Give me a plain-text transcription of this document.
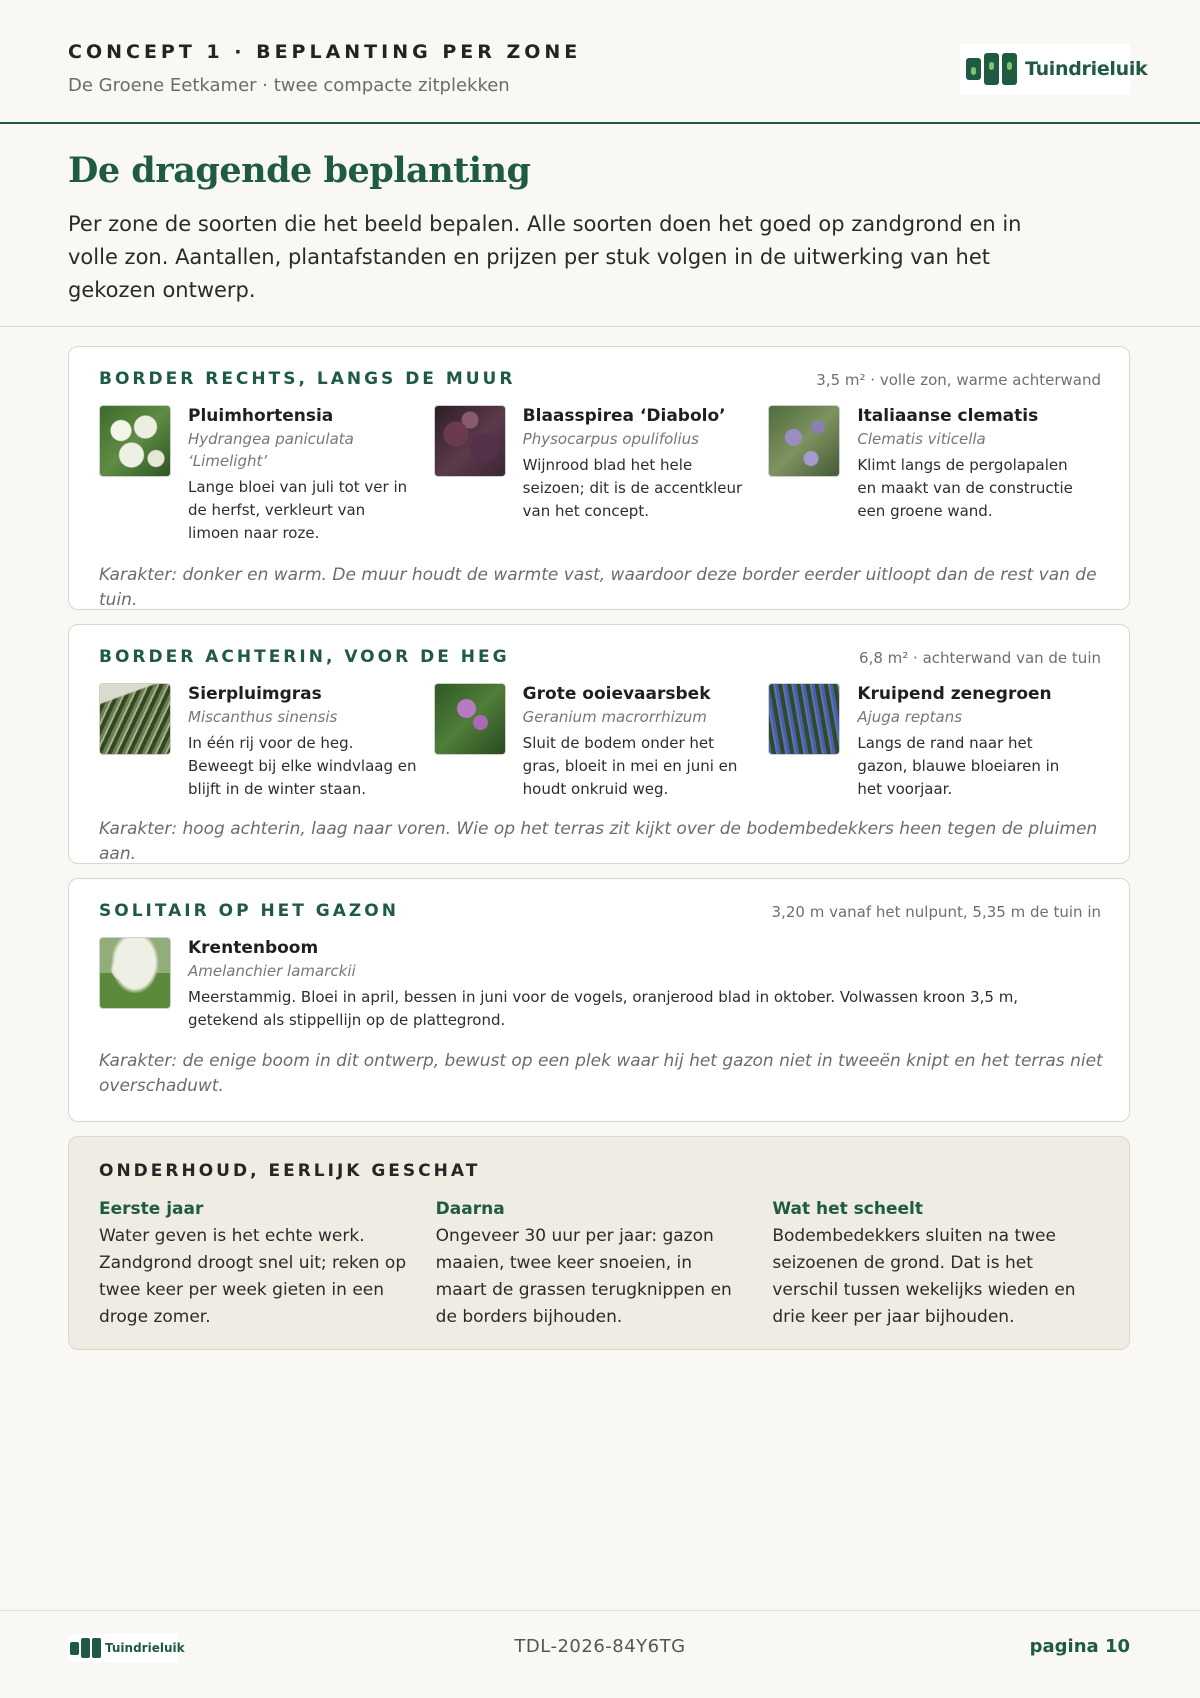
CONCEPT 1 · BEPLANTING PER ZONE
De Groene Eetkamer · twee compacte zitplekken
Tuindrieluik
De dragende beplanting

Per zone de soorten die het beeld bepalen. Alle soorten doen het goed op zandgrond en in volle zon. Aantallen, plantafstanden en prijzen per stuk volgen in de uitwerking van het gekozen ontwerp.

BORDER RECHTS, LANGS DE MUUR	3,5 m² · volle zon, warme achterwand
Pluimhortensia
Hydrangea paniculata ‘Limelight’
Lange bloei van juli tot ver in de herfst, verkleurt van limoen naar roze.
Blaasspirea ‘Diabolo’
Physocarpus opulifolius
Wijnrood blad het hele seizoen; dit is de accentkleur van het concept.
Italiaanse clematis
Clematis viticella
Klimt langs de pergolapalen en maakt van de constructie een groene wand.
Karakter: donker en warm. De muur houdt de warmte vast, waardoor deze border eerder uitloopt dan de rest van de tuin.
BORDER ACHTERIN, VOOR DE HEG	6,8 m² · achterwand van de tuin
Sierpluimgras
Miscanthus sinensis
In één rij voor de heg. Beweegt bij elke windvlaag en blijft in de winter staan.
Grote ooievaarsbek
Geranium macrorrhizum
Sluit de bodem onder het gras, bloeit in mei en juni en houdt onkruid weg.
Kruipend zenegroen
Ajuga reptans
Langs de rand naar het gazon, blauwe bloeiaren in het voorjaar.
Karakter: hoog achterin, laag naar voren. Wie op het terras zit kijkt over de bodembedekkers heen tegen de pluimen aan.
SOLITAIR OP HET GAZON	3,20 m vanaf het nulpunt, 5,35 m de tuin in
Krentenboom
Amelanchier lamarckii
Meerstammig. Bloei in april, bessen in juni voor de vogels, oranjerood blad in oktober. Volwassen kroon 3,5 m, getekend als stippellijn op de plattegrond.
Karakter: de enige boom in dit ontwerp, bewust op een plek waar hij het gazon niet in tweeën knipt en het terras niet overschaduwt.
ONDERHOUD, EERLIJK GESCHAT
Eerste jaar
Water geven is het echte werk. Zandgrond droogt snel uit; reken op twee keer per week gieten in een droge zomer.
Daarna
Ongeveer 30 uur per jaar: gazon maaien, twee keer snoeien, in maart de grassen terugknippen en de borders bijhouden.
Wat het scheelt
Bodembedekkers sluiten na twee seizoenen de grond. Dat is het verschil tussen wekelijks wieden en drie keer per jaar bijhouden.
Tuindrieluik	TDL-2026-84Y6TG	pagina 10
